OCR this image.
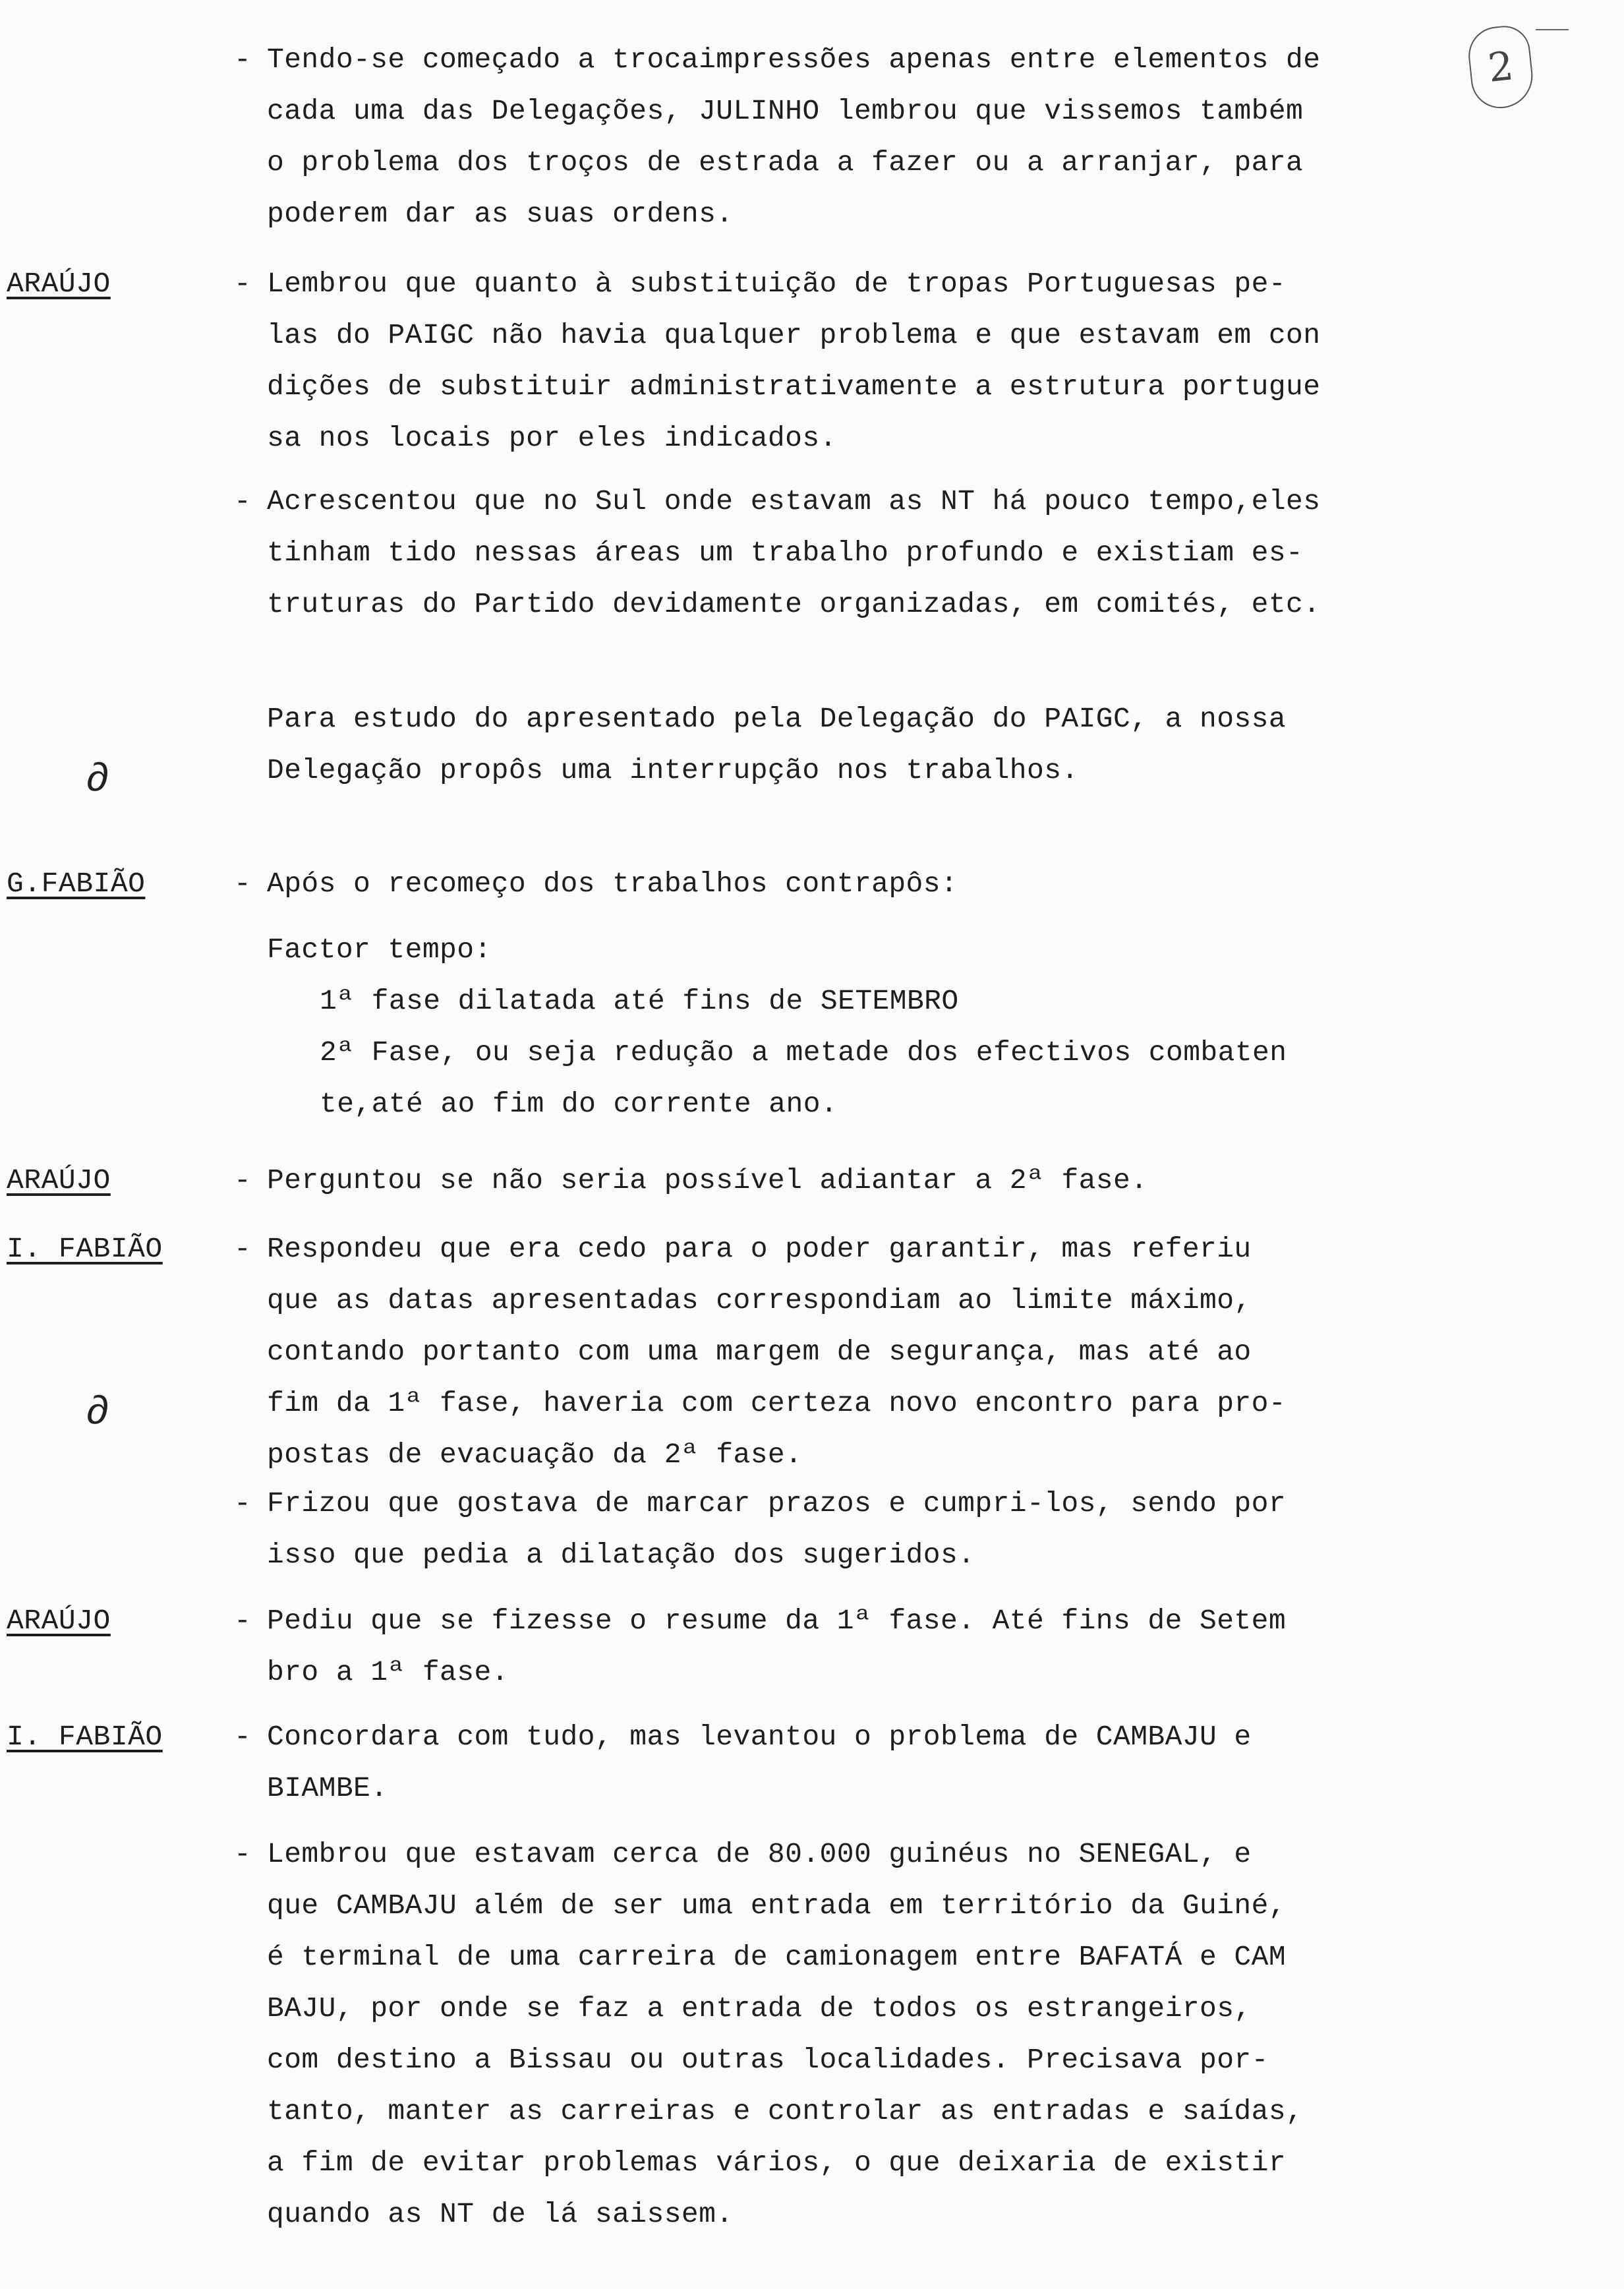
2
- Tendo-se começado a trocaimpressões apenas entre elementos de
cada uma das Delegações, JULINHO lembrou que vissemos também
o problema dos troços de estrada a fazer ou a arranjar, para
poderem dar as suas ordens.
ARAÚJO	- Lembrou que quanto à substituição de tropas Portuguesas pe-
las do PAIGC não havia qualquer problema e que estavam em con
dições de substituir administrativamente a estrutura portugue
sa nos locais por eles indicados.
- Acrescentou que no Sul onde estavam as NT há pouco tempo,eles
tinham tido nessas áreas um trabalho profundo e existiam es-
truturas do Partido devidamente organizadas, em comités, etc.
Para estudo do apresentado pela Delegação do PAIGC, a nossa
Delegação propôs uma interrupção nos trabalhos.
∂
G.FABIÃO	- Após o recomeço dos trabalhos contrapôs:
Factor tempo:
1ª fase dilatada até fins de SETEMBRO
2ª Fase, ou seja redução a metade dos efectivos combaten
te,até ao fim do corrente ano.
ARAÚJO	- Perguntou se não seria possível adiantar a 2ª fase.
I. FABIÃO	- Respondeu que era cedo para o poder garantir, mas referiu
que as datas apresentadas correspondiam ao limite máximo,
contando portanto com uma margem de segurança, mas até ao
fim da 1ª fase, haveria com certeza novo encontro para pro-
postas de evacuação da 2ª fase.
∂
- Frizou que gostava de marcar prazos e cumpri-los, sendo por
isso que pedia a dilatação dos sugeridos.
ARAÚJO	- Pediu que se fizesse o resume da 1ª fase. Até fins de Setem
bro a 1ª fase.
I. FABIÃO	- Concordara com tudo, mas levantou o problema de CAMBAJU e
BIAMBE.
- Lembrou que estavam cerca de 80.000 guinéus no SENEGAL, e
que CAMBAJU além de ser uma entrada em território da Guiné,
é terminal de uma carreira de camionagem entre BAFATÁ e CAM
BAJU, por onde se faz a entrada de todos os estrangeiros,
com destino a Bissau ou outras localidades. Precisava por-
tanto, manter as carreiras e controlar as entradas e saídas,
a fim de evitar problemas vários, o que deixaria de existir
quando as NT de lá saissem.
